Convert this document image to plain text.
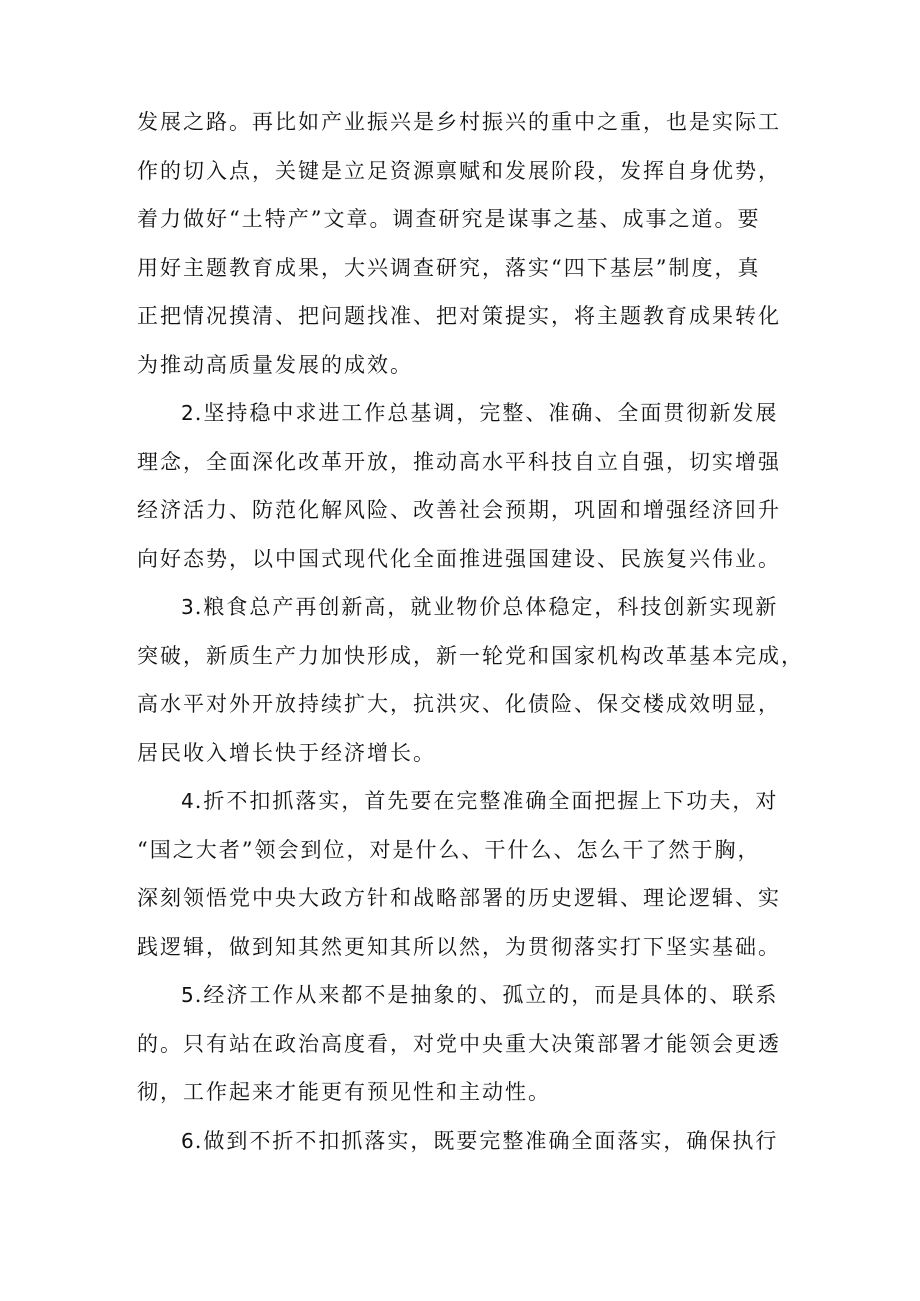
发展之路。再比如产业振兴是乡村振兴的重中之重，也是实际工
作的切入点，关键是立足资源禀赋和发展阶段，发挥自身优势，
着力做好“土特产”文章。调查研究是谋事之基、成事之道。要
用好主题教育成果，大兴调查研究，落实“四下基层”制度，真
正把情况摸清、把问题找准、把对策提实，将主题教育成果转化
为推动高质量发展的成效。
2.坚持稳中求进工作总基调，完整、准确、全面贯彻新发展
理念，全面深化改革开放，推动高水平科技自立自强，切实增强
经济活力、防范化解风险、改善社会预期，巩固和增强经济回升
向好态势，以中国式现代化全面推进强国建设、民族复兴伟业。
3.粮食总产再创新高，就业物价总体稳定，科技创新实现新
突破，新质生产力加快形成，新一轮党和国家机构改革基本完成，
高水平对外开放持续扩大，抗洪灾、化债险、保交楼成效明显，
居民收入增长快于经济增长。
4.折不扣抓落实，首先要在完整准确全面把握上下功夫，对
“国之大者”领会到位，对是什么、干什么、怎么干了然于胸，
深刻领悟党中央大政方针和战略部署的历史逻辑、理论逻辑、实
践逻辑，做到知其然更知其所以然，为贯彻落实打下坚实基础。
5.经济工作从来都不是抽象的、孤立的，而是具体的、联系
的。只有站在政治高度看，对党中央重大决策部署才能领会更透
彻，工作起来才能更有预见性和主动性。
6.做到不折不扣抓落实，既要完整准确全面落实，确保执行
